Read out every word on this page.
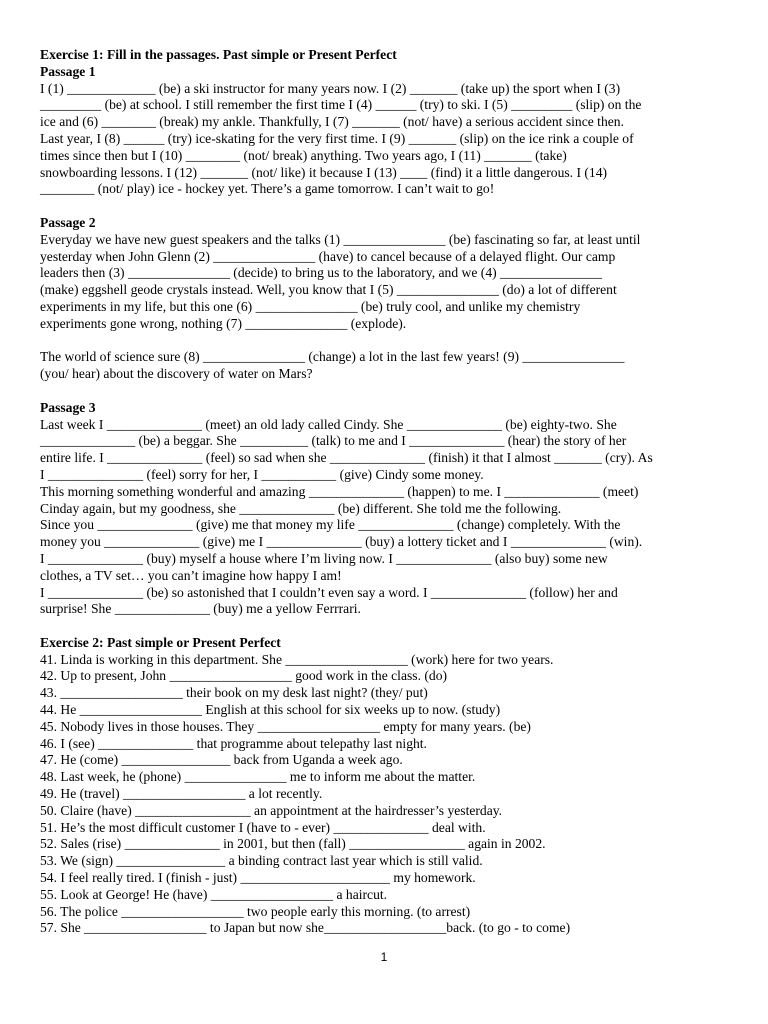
Exercise 1: Fill in the passages. Past simple or Present Perfect

Passage 1

I (1) _____________ (be) a ski instructor for many years now. I (2) _______ (take up) the sport when I (3)

_________ (be) at school. I still remember the first time I (4) ______ (try) to ski. I (5) _________ (slip) on the

ice and (6) ________ (break) my ankle. Thankfully, I (7) _______ (not/ have) a serious accident since then.

Last year, I (8) ______ (try) ice-skating for the very first time. I (9) _______ (slip) on the ice rink a couple of

times since then but I (10) ________ (not/ break) anything. Two years ago, I (11) _______ (take)

snowboarding lessons. I (12) _______ (not/ like) it because I (13) ____ (find) it a little dangerous. I (14)

________ (not/ play) ice - hockey yet. There’s a game tomorrow. I can’t wait to go!

Passage 2

Everyday we have new guest speakers and the talks (1) _______________ (be) fascinating so far, at least until

yesterday when John Glenn (2) _______________ (have) to cancel because of a delayed flight. Our camp

leaders then (3) _______________ (decide) to bring us to the laboratory, and we (4) _______________

(make) eggshell geode crystals instead. Well, you know that I (5) _______________ (do) a lot of different

experiments in my life, but this one (6) _______________ (be) truly cool, and unlike my chemistry

experiments gone wrong, nothing (7) _______________ (explode).

The world of science sure (8) _______________ (change) a lot in the last few years! (9) _______________

(you/ hear) about the discovery of water on Mars?

Passage 3

Last week I ______________ (meet) an old lady called Cindy. She ______________ (be) eighty-two. She

______________ (be) a beggar. She __________ (talk) to me and I ______________ (hear) the story of her

entire life. I ______________ (feel) so sad when she ______________ (finish) it that I almost _______ (cry). As

I ______________ (feel) sorry for her, I ___________ (give) Cindy some money.

This morning something wonderful and amazing ______________ (happen) to me. I ______________ (meet)

Cinday again, but my goodness, she ______________ (be) different. She told me the following.

Since you ______________ (give) me that money my life ______________ (change) completely. With the

money you ______________ (give) me I ______________ (buy) a lottery ticket and I ______________ (win).

I ______________ (buy) myself a house where I’m living now. I ______________ (also buy) some new

clothes, a TV set… you can’t imagine how happy I am!

I ______________ (be) so astonished that I couldn’t even say a word. I ______________ (follow) her and

surprise! She ______________ (buy) me a yellow Ferrrari.

Exercise 2: Past simple or Present Perfect

41. Linda is working in this department. She __________________ (work) here for two years.

42. Up to present, John __________________ good work in the class. (do)

43. __________________ their book on my desk last night? (they/ put)

44. He __________________ English at this school for six weeks up to now. (study)

45. Nobody lives in those houses. They __________________ empty for many years. (be)

46. I (see) ______________ that programme about telepathy last night.

47. He (come) ________________ back from Uganda a week ago.

48. Last week, he (phone) _______________ me to inform me about the matter.

49. He (travel) __________________ a lot recently.

50. Claire (have) _________________ an appointment at the hairdresser’s yesterday.

51. He’s the most difficult customer I (have to - ever) ______________ deal with.

52. Sales (rise) ______________ in 2001, but then (fall) _________________ again in 2002.

53. We (sign) ________________ a binding contract last year which is still valid.

54. I feel really tired. I (finish - just) ______________________ my homework.

55. Look at George! He (have) __________________ a haircut.

56. The police __________________ two people early this morning. (to arrest)

57. She __________________ to Japan but now she__________________back. (to go - to come)

1
